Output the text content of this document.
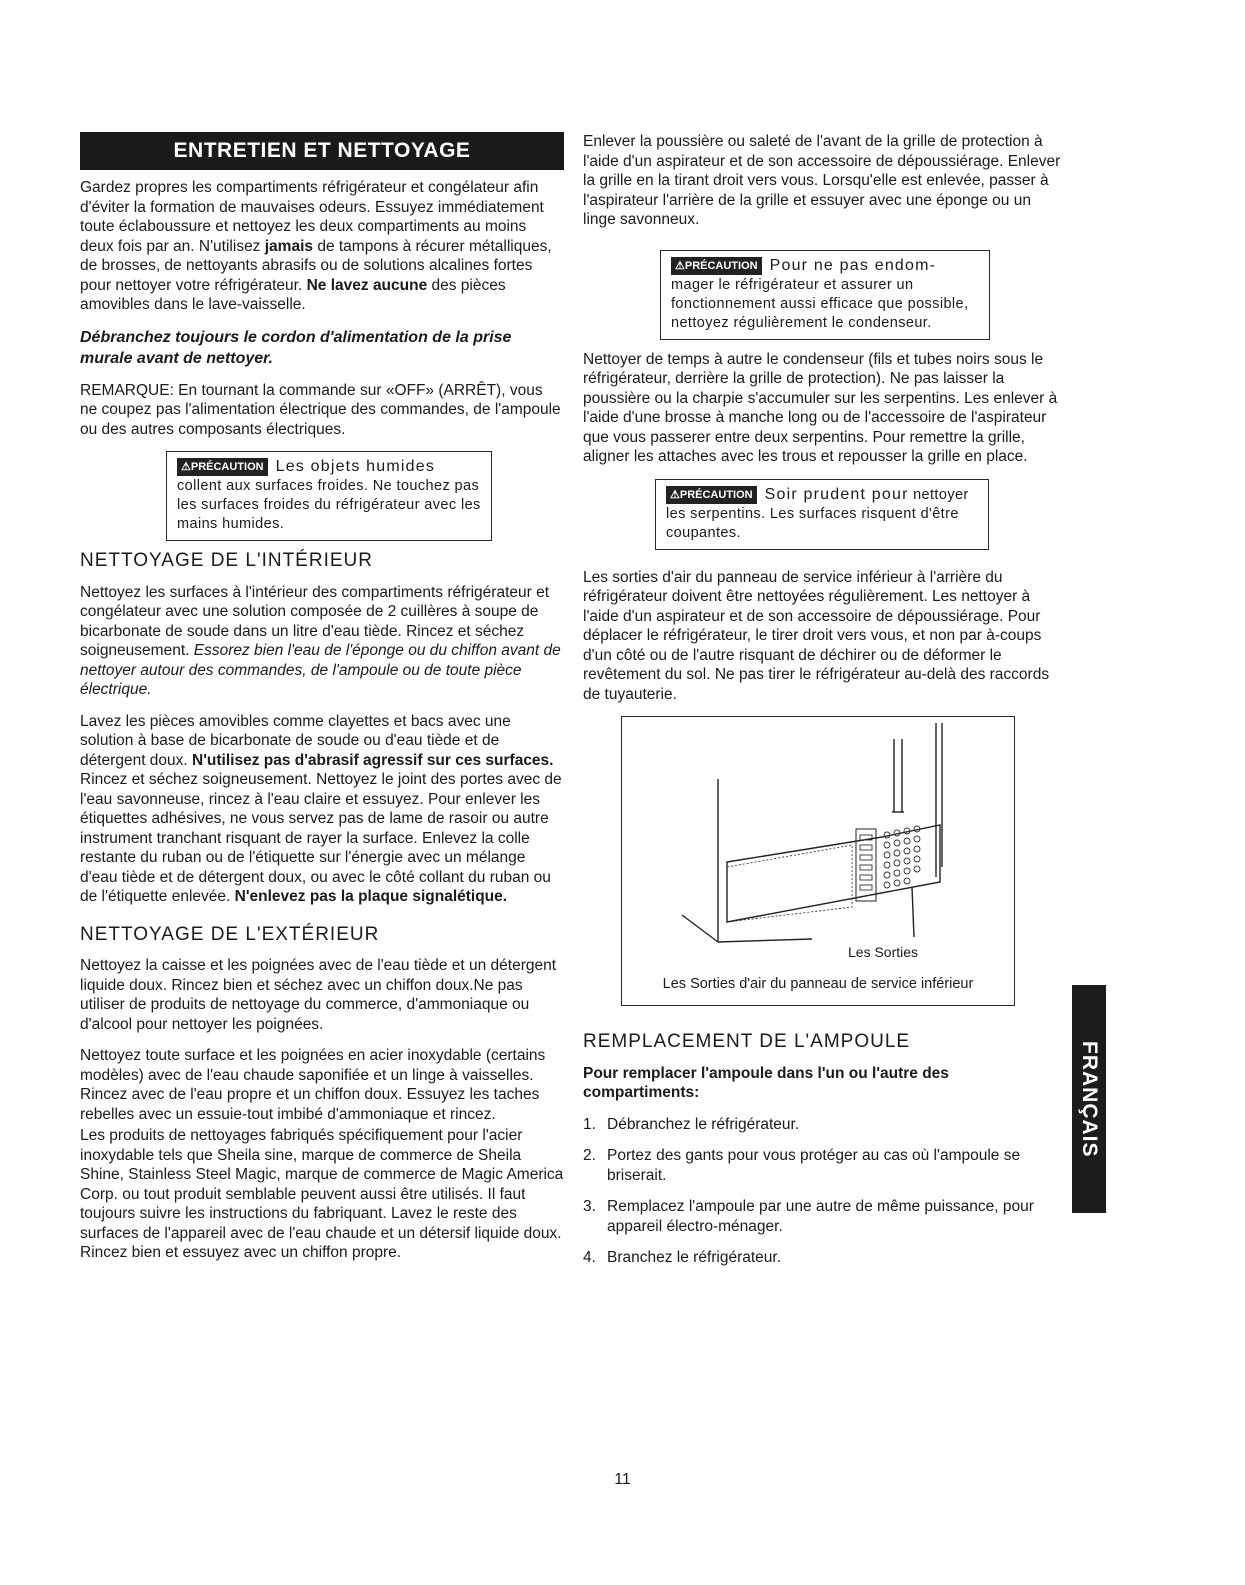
ENTRETIEN ET NETTOYAGE

Gardez propres les compartiments réfrigérateur et congélateur afin d'éviter la formation de mauvaises odeurs. Essuyez immédiatement toute éclaboussure et nettoyez les deux compartiments au moins deux fois par an. N'utilisez jamais de tampons à récurer métalliques, de brosses, de nettoyants abrasifs ou de solutions alcalines fortes pour nettoyer votre réfrigérateur. Ne lavez aucune des pièces amovibles dans le lave-vaisselle.

Débranchez toujours le cordon d'alimentation de la prise murale avant de nettoyer.

REMARQUE: En tournant la commande sur «OFF» (ARRÊT), vous ne coupez pas l'alimentation électrique des commandes, de l'ampoule ou des autres composants électriques.

⚠PRÉCAUTION Les objets humides collent aux surfaces froides. Ne touchez pas les surfaces froides du réfrigérateur avec les mains humides.
NETTOYAGE DE L'INTÉRIEUR

Nettoyez les surfaces à l'intérieur des compartiments réfrigérateur et congélateur avec une solution composée de 2 cuillères à soupe de bicarbonate de soude dans un litre d'eau tiède. Rincez et séchez soigneusement. Essorez bien l'eau de l'éponge ou du chiffon avant de nettoyer autour des commandes, de l'ampoule ou de toute pièce électrique.

Lavez les pièces amovibles comme clayettes et bacs avec une solution à base de bicarbonate de soude ou d'eau tiède et de détergent doux. N'utilisez pas d'abrasif agressif sur ces surfaces. Rincez et séchez soigneusement. Nettoyez le joint des portes avec de l'eau savonneuse, rincez à l'eau claire et essuyez. Pour enlever les étiquettes adhésives, ne vous servez pas de lame de rasoir ou autre instrument tranchant risquant de rayer la surface. Enlevez la colle restante du ruban ou de l'étiquette sur l'énergie avec un mélange d'eau tiède et de détergent doux, ou avec le côté collant du ruban ou de l'étiquette enlevée. N'enlevez pas la plaque signalétique.

NETTOYAGE DE L'EXTÉRIEUR

Nettoyez la caisse et les poignées avec de l'eau tiède et un détergent liquide doux. Rincez bien et séchez avec un chiffon doux.Ne pas utiliser de produits de nettoyage du commerce, d'ammoniaque ou d'alcool pour nettoyer les poignées.

Nettoyez toute surface et les poignées en acier inoxydable (certains modèles) avec de l'eau chaude saponifiée et un linge à vaisselles. Rincez avec de l'eau propre et un chiffon doux. Essuyez les taches rebelles avec un essuie-tout imbibé d'ammoniaque et rincez.

Les produits de nettoyages fabriqués spécifiquement pour l'acier inoxydable tels que Sheila sine, marque de commerce de Sheila Shine, Stainless Steel Magic, marque de commerce de Magic America Corp. ou tout produit semblable peuvent aussi être utilisés. Il faut toujours suivre les instructions du fabriquant. Lavez le reste des surfaces de l'appareil avec de l'eau chaude et un détersif liquide doux. Rincez bien et essuyez avec un chiffon propre.

Enlever la poussière ou saleté de l'avant de la grille de protection à l'aide d'un aspirateur et de son accessoire de dépoussiérage. Enlever la grille en la tirant droit vers vous. Lorsqu'elle est enlevée, passer à l'aspirateur l'arrière de la grille et essuyer avec une éponge ou un linge savonneux.

⚠PRÉCAUTION Pour ne pas endom- mager le réfrigérateur et assurer un fonctionnement aussi efficace que possible, nettoyez régulièrement le condenseur.

Nettoyer de temps à autre le condenseur (fils et tubes noirs sous le réfrigérateur, derrière la grille de protection). Ne pas laisser la poussière ou la charpie s'accumuler sur les serpentins. Les enlever à l'aide d'une brosse à manche long ou de l'accessoire de l'aspirateur que vous passerer entre deux serpentins. Pour remettre la grille, aligner les attaches avec les trous et repousser la grille en place.

⚠PRÉCAUTION Soir prudent pour nettoyer les serpentins. Les surfaces risquent d'être coupantes.

Les sorties d'air du panneau de service inférieur à l'arrière du réfrigérateur doivent être nettoyées régulièrement. Les nettoyer à l'aide d'un aspirateur et de son accessoire de dépoussiérage. Pour déplacer le réfrigérateur, le tirer droit vers vous, et non par à-coups d'un côté ou de l'autre risquant de déchirer ou de déformer le revêtement du sol. Ne pas tirer le réfrigérateur au-delà des raccords de tuyauterie.

Les Sorties
Les Sorties d'air du panneau de service inférieur
REMPLACEMENT DE L'AMPOULE

Pour remplacer l'ampoule dans l'un ou l'autre des compartiments:

1. Débranchez le réfrigérateur.
2. Portez des gants pour vous protéger au cas où l'ampoule se briserait.
3. Remplacez l'ampoule par une autre de même puissance, pour appareil électro-ménager.
4. Branchez le réfrigérateur.
FRANÇAIS
11
